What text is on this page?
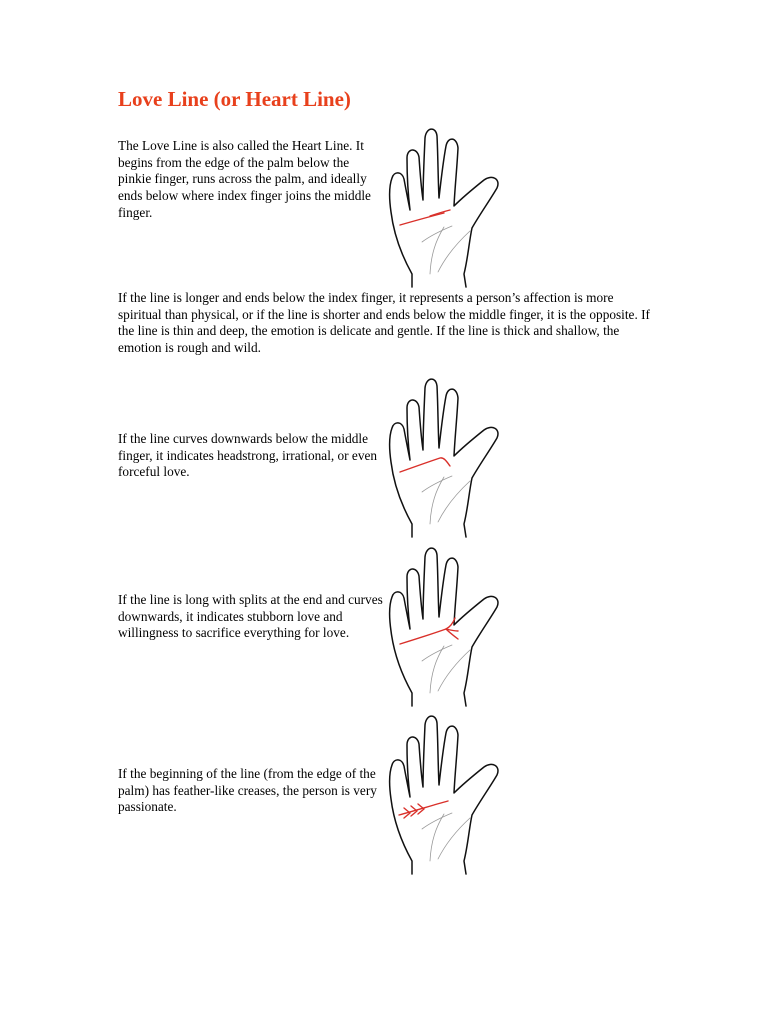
Love Line (or Heart Line)

The Love Line is also called the Heart Line. It begins from the edge of the palm below the pinkie finger, runs across the palm, and ideally ends below where index finger joins the middle finger.

If the line is longer and ends below the index finger, it represents a person’s affection is more spiritual than physical, or if the line is shorter and ends below the middle finger, it is the opposite. If the line is thin and deep, the emotion is delicate and gentle. If the line is thick and shallow, the emotion is rough and wild.

If the line curves downwards below the middle finger, it indicates headstrong, irrational, or even forceful love.

If the line is long with splits at the end and curves downwards, it indicates stubborn love and willingness to sacrifice everything for love.

If the beginning of the line (from the edge of the palm) has feather-like creases, the person is very passionate.
